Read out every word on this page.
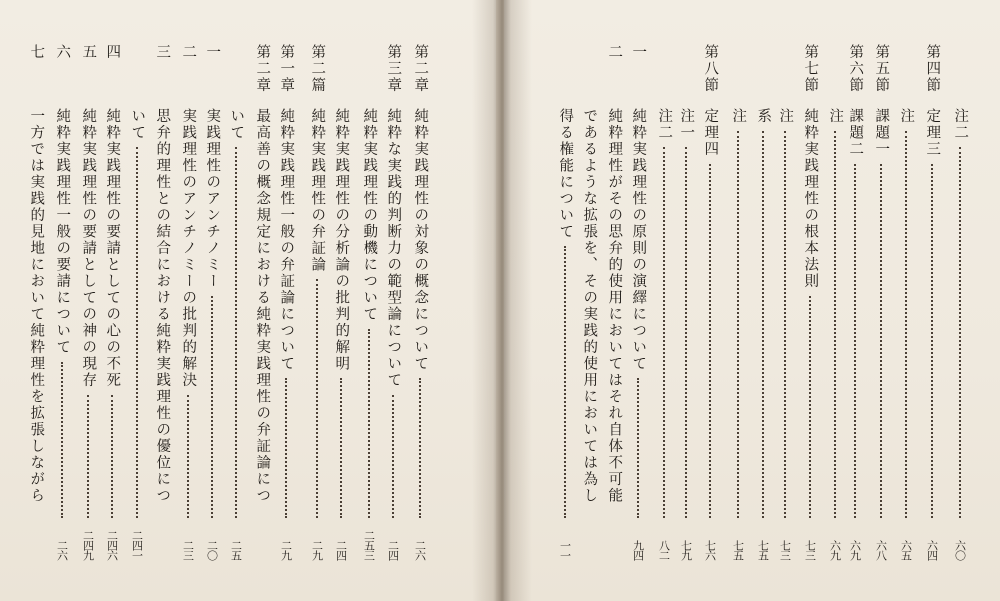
注二
六〇
第四節
定理三
六四
注
六五
第五節
課題一
六八
第六節
課題二
六九
注
六九
第七節
純粋実践理性の根本法則
七三
注
七三
系
七五
注
七五
第八節
定理四
七六
注一
七九
注二
八二
一
純粋実践理性の原則の演繹について
九四
二
純粋理性がその思弁的使用においてはそれ自体不可能
であるような拡張を、その実践的使用においては為し
得る権能について
一一
第二章
純粋実践理性の対象の概念について
二六
第三章
純粋な実践的判断力の範型論について
二四
純粋実践理性の動機について
二五三
純粋実践理性の分析論の批判的解明
二四
第二篇
純粋実践理性の弁証論
二九
第一章
純粋実践理性一般の弁証論について
二九
第二章
最高善の概念規定における純粋実践理性の弁証論につ
いて
二五
一
実践理性のアンチノミー
二〇
二
実践理性のアンチノミーの批判的解決
二三
三
思弁的理性との結合における純粋実践理性の優位につ
いて
二四一
四
純粋実践理性の要請としての心の不死
二四六
五
純粋実践理性の要請としての神の現存
二四九
六
純粋実践理性一般の要請について
二六
七
一方では実践的見地において純粋理性を拡張しながら
